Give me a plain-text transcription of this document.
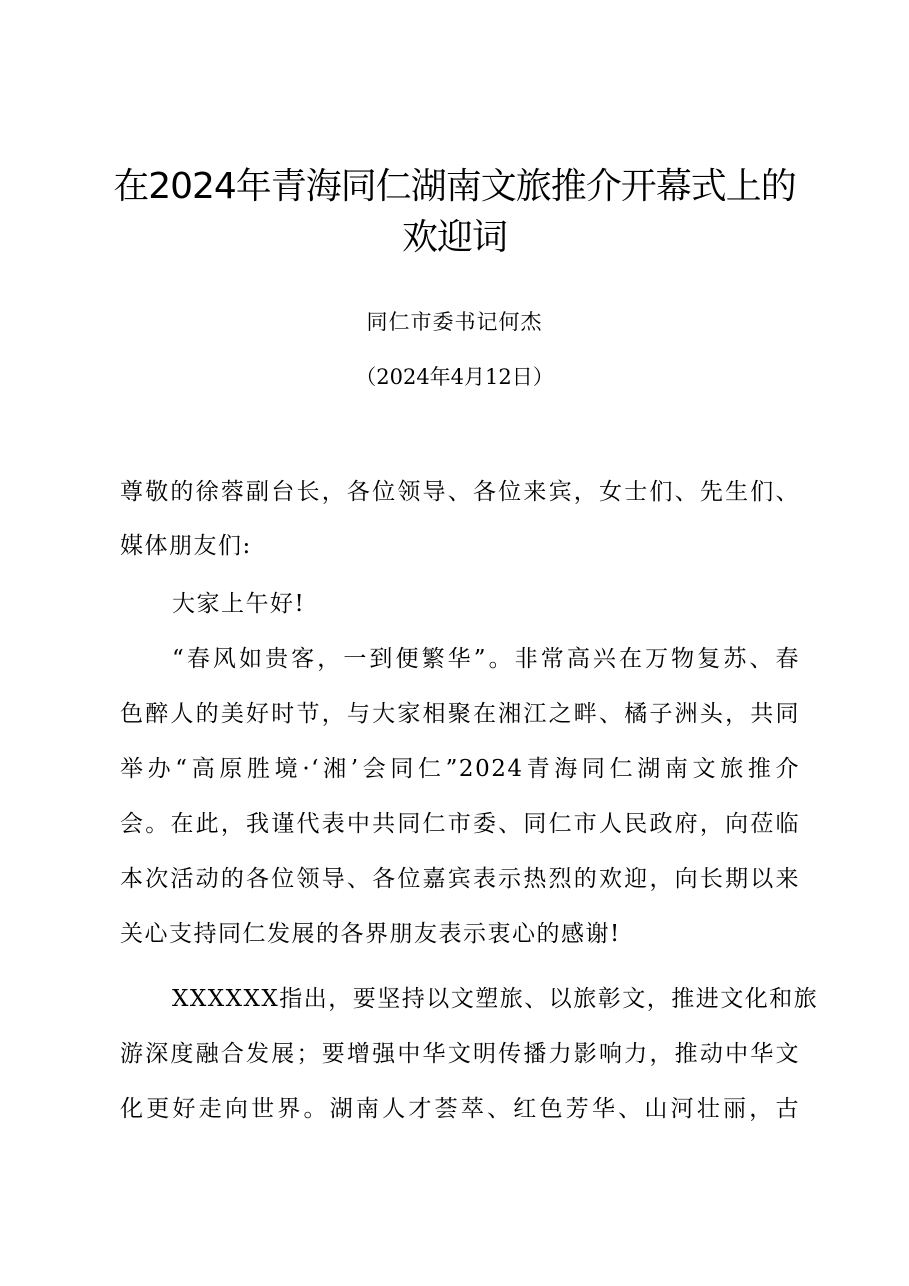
在2024年青海同仁湖南文旅推介开幕式上的
欢迎词
同仁市委书记何杰
（2024年4月12日）
尊敬的徐蓉副台长，各位领导、各位来宾，女士们、先生们、
媒体朋友们:
大家上午好!
“春风如贵客，一到便繁华”。非常高兴在万物复苏、春
色醉人的美好时节，与大家相聚在湘江之畔、橘子洲头，共同
举办“高原胜境·‘湘’会同仁”2024青海同仁湖南文旅推介
会。在此，我谨代表中共同仁市委、同仁市人民政府，向莅临
本次活动的各位领导、各位嘉宾表示热烈的欢迎，向长期以来
关心支持同仁发展的各界朋友表示衷心的感谢!
XXXXXX指出，要坚持以文塑旅、以旅彰文，推进文化和旅
游深度融合发展；要增强中华文明传播力影响力，推动中华文
化更好走向世界。湖南人才荟萃、红色芳华、山河壮丽，古
